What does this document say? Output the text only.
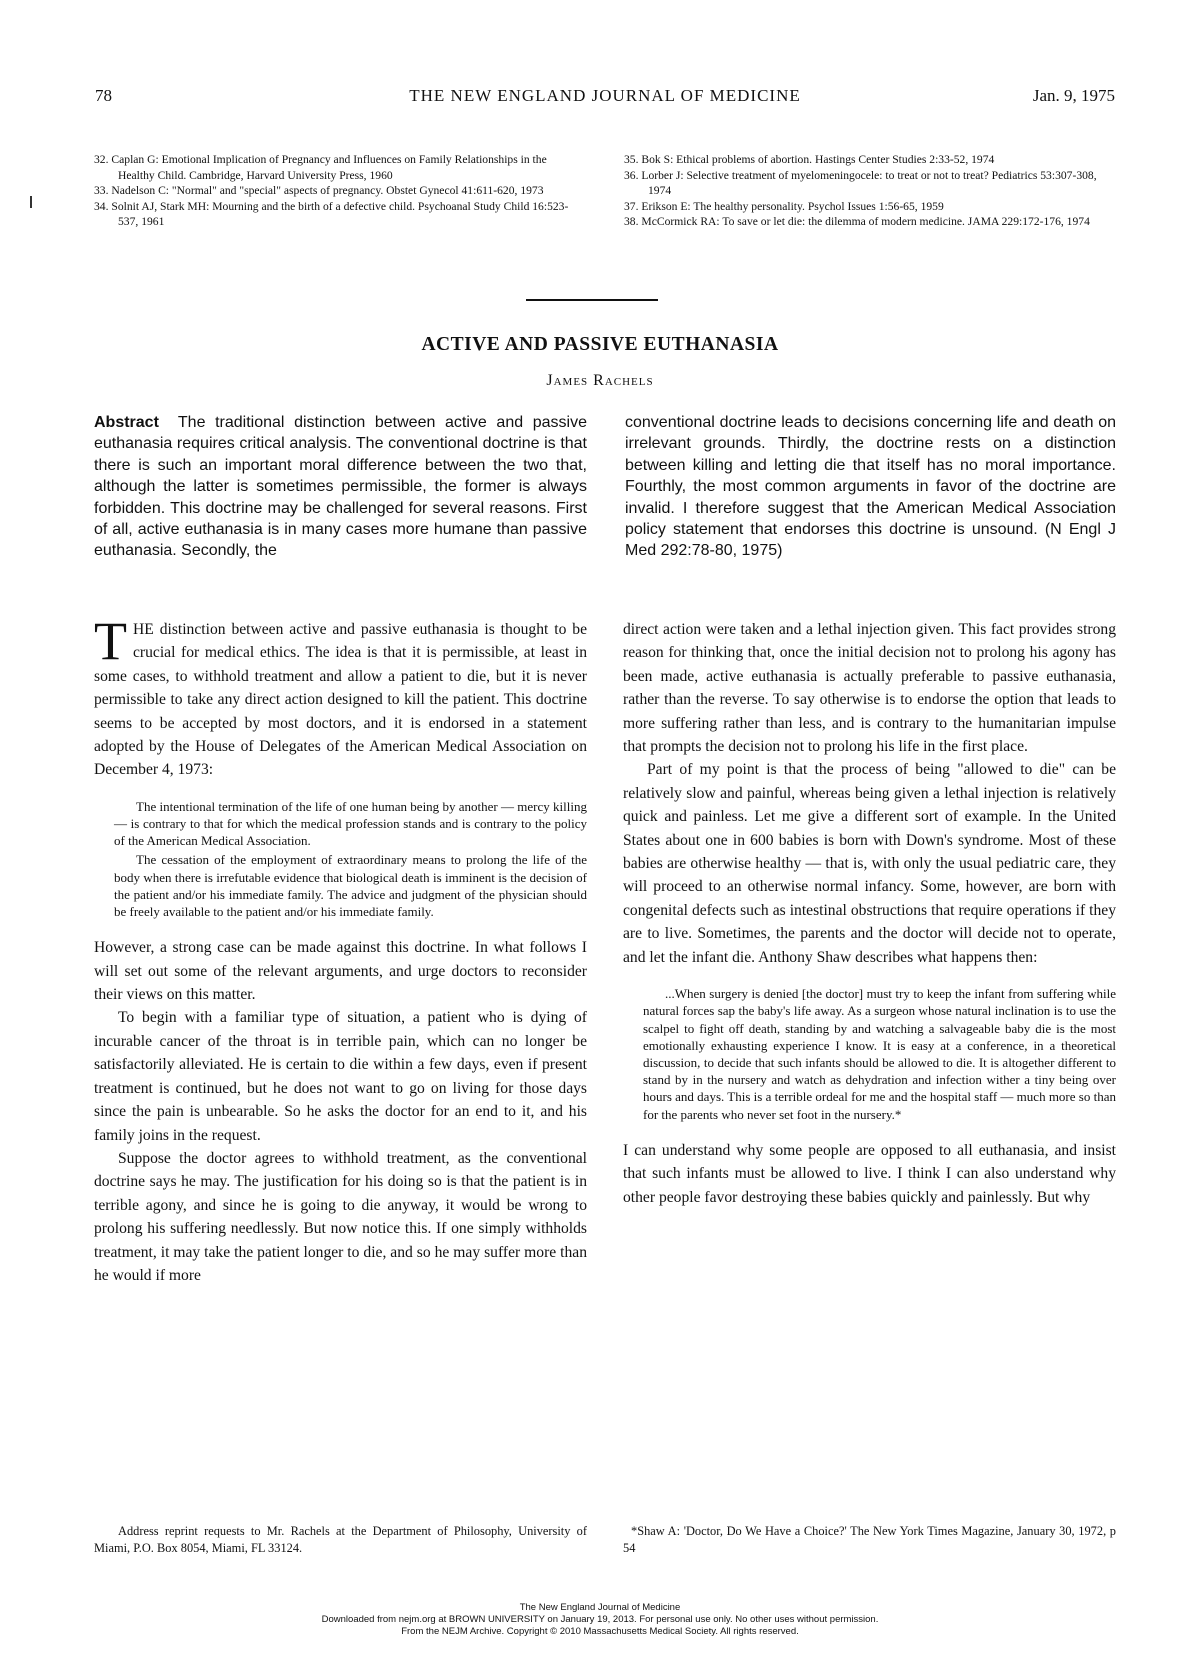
78	THE NEW ENGLAND JOURNAL OF MEDICINE	Jan. 9, 1975

32. Caplan G: Emotional Implication of Pregnancy and Influences on Family Relationships in the Healthy Child. Cambridge, Harvard University Press, 1960

33. Nadelson C: "Normal" and "special" aspects of pregnancy. Obstet Gynecol 41:611-620, 1973

34. Solnit AJ, Stark MH: Mourning and the birth of a defective child. Psychoanal Study Child 16:523-537, 1961

35. Bok S: Ethical problems of abortion. Hastings Center Studies 2:33-52, 1974

36. Lorber J: Selective treatment of myelomeningocele: to treat or not to treat? Pediatrics 53:307-308, 1974

37. Erikson E: The healthy personality. Psychol Issues 1:56-65, 1959

38. McCormick RA: To save or let die: the dilemma of modern medicine. JAMA 229:172-176, 1974

ACTIVE AND PASSIVE EUTHANASIA
James Rachels
Abstract The traditional distinction between active and passive euthanasia requires critical analysis. The conventional doctrine is that there is such an important moral difference between the two that, although the latter is sometimes permissible, the former is always forbidden. This doctrine may be challenged for several reasons. First of all, active euthanasia is in many cases more humane than passive euthanasia. Secondly, the
conventional doctrine leads to decisions concerning life and death on irrelevant grounds. Thirdly, the doctrine rests on a distinction between killing and letting die that itself has no moral importance. Fourthly, the most common arguments in favor of the doctrine are invalid. I therefore suggest that the American Medical Association policy statement that endorses this doctrine is unsound. (N Engl J Med 292:78-80, 1975)

THE distinction between active and passive euthanasia is thought to be crucial for medical ethics. The idea is that it is permissible, at least in some cases, to withhold treatment and allow a patient to die, but it is never permissible to take any direct action designed to kill the patient. This doctrine seems to be accepted by most doctors, and it is endorsed in a statement adopted by the House of Delegates of the American Medical Association on December 4, 1973:

The intentional termination of the life of one human being by another — mercy killing — is contrary to that for which the medical profession stands and is contrary to the policy of the American Medical Association.

The cessation of the employment of extraordinary means to prolong the life of the body when there is irrefutable evidence that biological death is imminent is the decision of the patient and/or his immediate family. The advice and judgment of the physician should be freely available to the patient and/or his immediate family.

However, a strong case can be made against this doctrine. In what follows I will set out some of the relevant arguments, and urge doctors to reconsider their views on this matter.

To begin with a familiar type of situation, a patient who is dying of incurable cancer of the throat is in terrible pain, which can no longer be satisfactorily alleviated. He is certain to die within a few days, even if present treatment is continued, but he does not want to go on living for those days since the pain is unbearable. So he asks the doctor for an end to it, and his family joins in the request.

Suppose the doctor agrees to withhold treatment, as the conventional doctrine says he may. The justification for his doing so is that the patient is in terrible agony, and since he is going to die anyway, it would be wrong to prolong his suffering needlessly. But now notice this. If one simply withholds treatment, it may take the patient longer to die, and so he may suffer more than he would if more

direct action were taken and a lethal injection given. This fact provides strong reason for thinking that, once the initial decision not to prolong his agony has been made, active euthanasia is actually preferable to passive euthanasia, rather than the reverse. To say otherwise is to endorse the option that leads to more suffering rather than less, and is contrary to the humanitarian impulse that prompts the decision not to prolong his life in the first place.

Part of my point is that the process of being "allowed to die" can be relatively slow and painful, whereas being given a lethal injection is relatively quick and painless. Let me give a different sort of example. In the United States about one in 600 babies is born with Down's syndrome. Most of these babies are otherwise healthy — that is, with only the usual pediatric care, they will proceed to an otherwise normal infancy. Some, however, are born with congenital defects such as intestinal obstructions that require operations if they are to live. Sometimes, the parents and the doctor will decide not to operate, and let the infant die. Anthony Shaw describes what happens then:

...When surgery is denied [the doctor] must try to keep the infant from suffering while natural forces sap the baby's life away. As a surgeon whose natural inclination is to use the scalpel to fight off death, standing by and watching a salvageable baby die is the most emotionally exhausting experience I know. It is easy at a conference, in a theoretical discussion, to decide that such infants should be allowed to die. It is altogether different to stand by in the nursery and watch as dehydration and infection wither a tiny being over hours and days. This is a terrible ordeal for me and the hospital staff — much more so than for the parents who never set foot in the nursery.*

I can understand why some people are opposed to all euthanasia, and insist that such infants must be allowed to live. I think I can also understand why other people favor destroying these babies quickly and painlessly. But why

Address reprint requests to Mr. Rachels at the Department of Philosophy, University of Miami, P.O. Box 8054, Miami, FL 33124.
*Shaw A: 'Doctor, Do We Have a Choice?' The New York Times Magazine, January 30, 1972, p 54
The New England Journal of Medicine
Downloaded from nejm.org at BROWN UNIVERSITY on January 19, 2013. For personal use only. No other uses without permission.
From the NEJM Archive. Copyright © 2010 Massachusetts Medical Society. All rights reserved.
